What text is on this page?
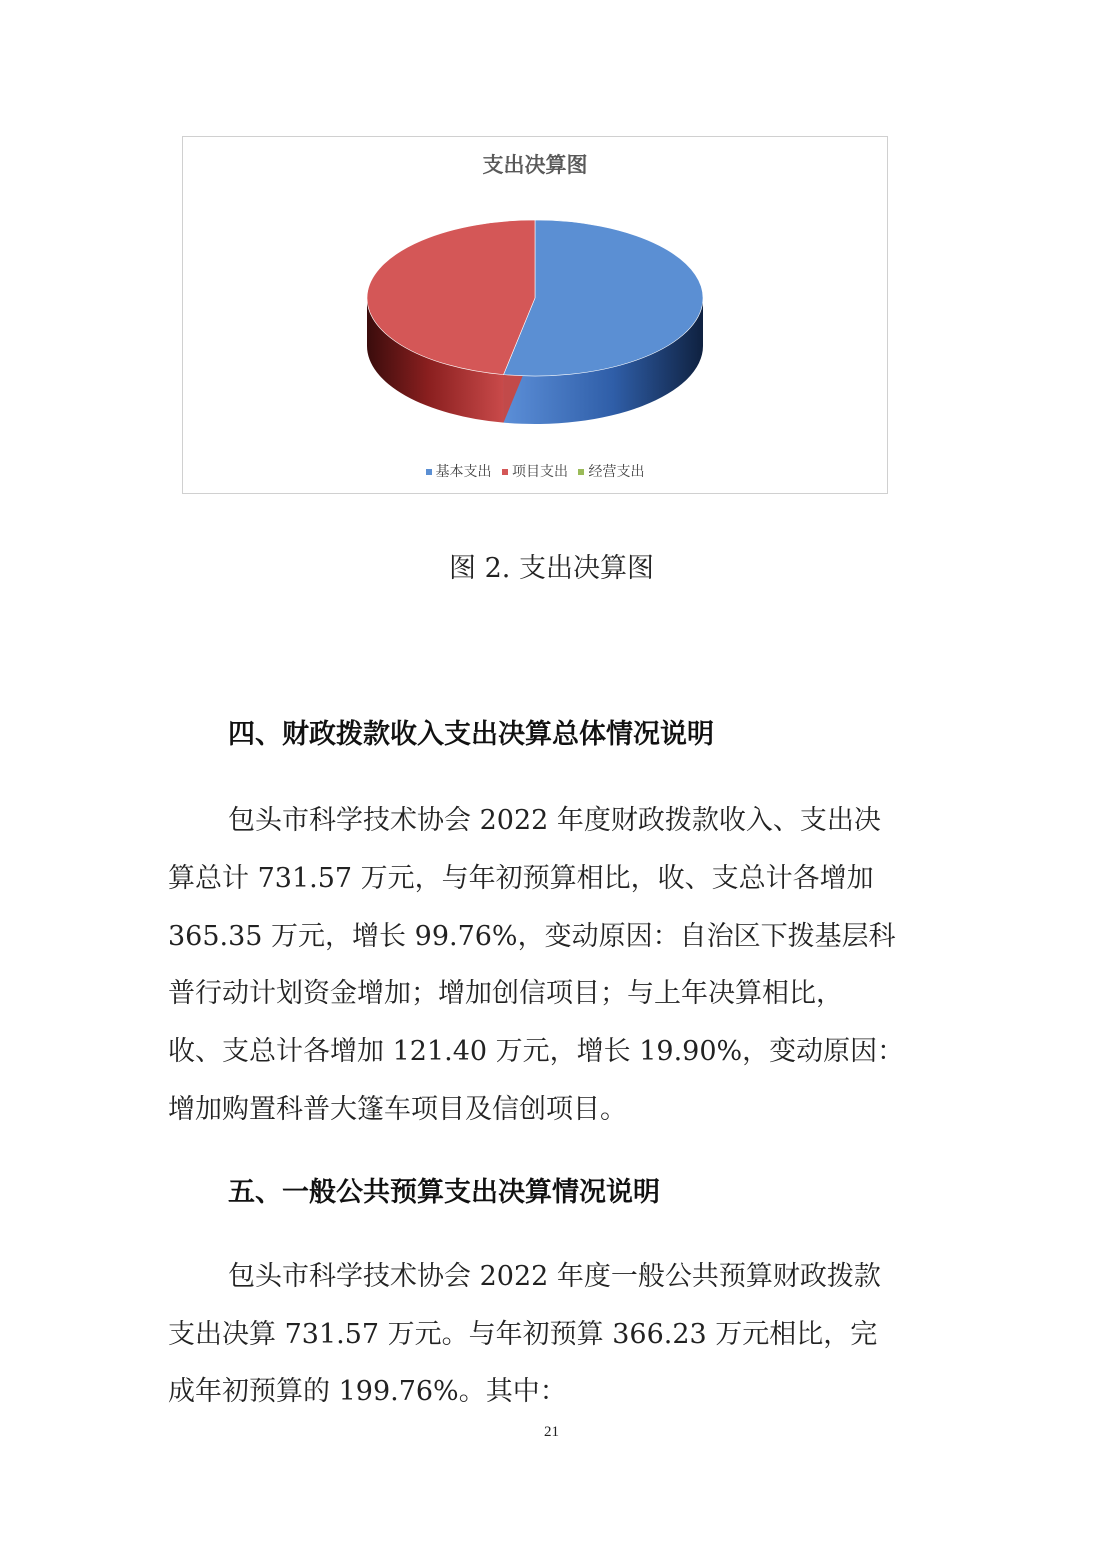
支出决算图
基本支出 项目支出 经营支出
图 2. 支出决算图
四、财政拨款收入支出决算总体情况说明
包头市科学技术协会 2022 年度财政拨款收入、支出决
算总计 731.57 万元，与年初预算相比，收、支总计各增加
365.35 万元，增长 99.76%，变动原因：自治区下拨基层科
普行动计划资金增加；增加创信项目；与上年决算相比，
收、支总计各增加 121.40 万元，增长 19.90%，变动原因：
增加购置科普大篷车项目及信创项目。
五、一般公共预算支出决算情况说明
包头市科学技术协会 2022 年度一般公共预算财政拨款
支出决算 731.57 万元。与年初预算 366.23 万元相比，完
成年初预算的 199.76%。其中：
21
